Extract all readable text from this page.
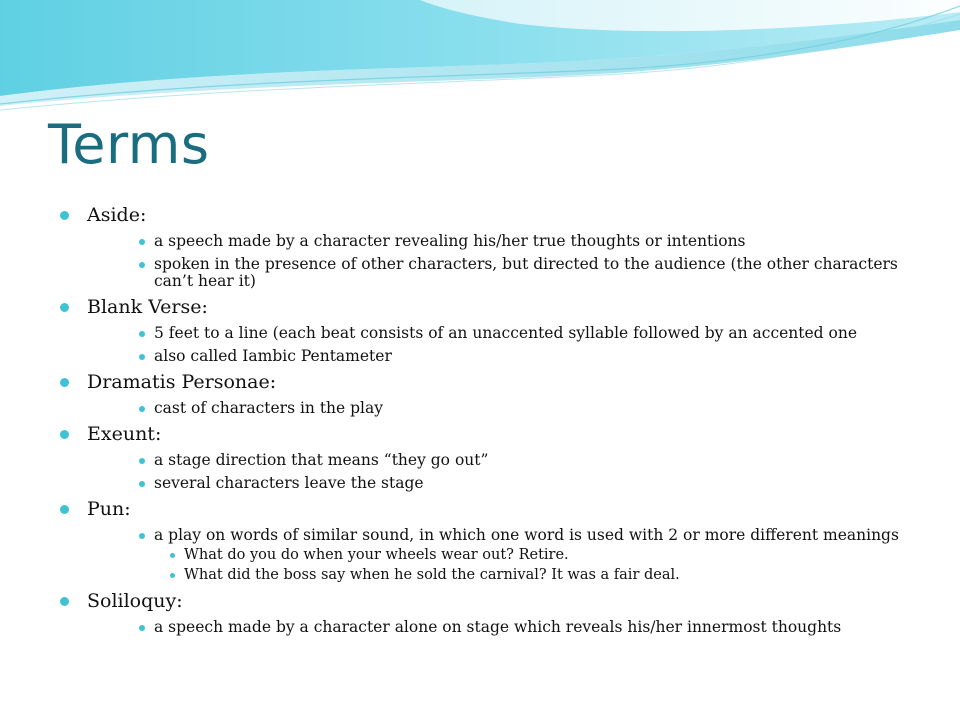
Terms
Aside:
a speech made by a character revealing his/her true thoughts or intentions
spoken in the presence of other characters, but directed to the audience (the other characters can’t hear it)
Blank Verse:
5 feet to a line (each beat consists of an unaccented syllable followed by an accented one
also called Iambic Pentameter
Dramatis Personae:
cast of characters in the play
Exeunt:
a stage direction that means “they go out”
several characters leave the stage
Pun:
a play on words of similar sound, in which one word is used with 2 or more different meanings
What do you do when your wheels wear out? Retire.
What did the boss say when he sold the carnival? It was a fair deal.
Soliloquy:
a speech made by a character alone on stage which reveals his/her innermost thoughts
